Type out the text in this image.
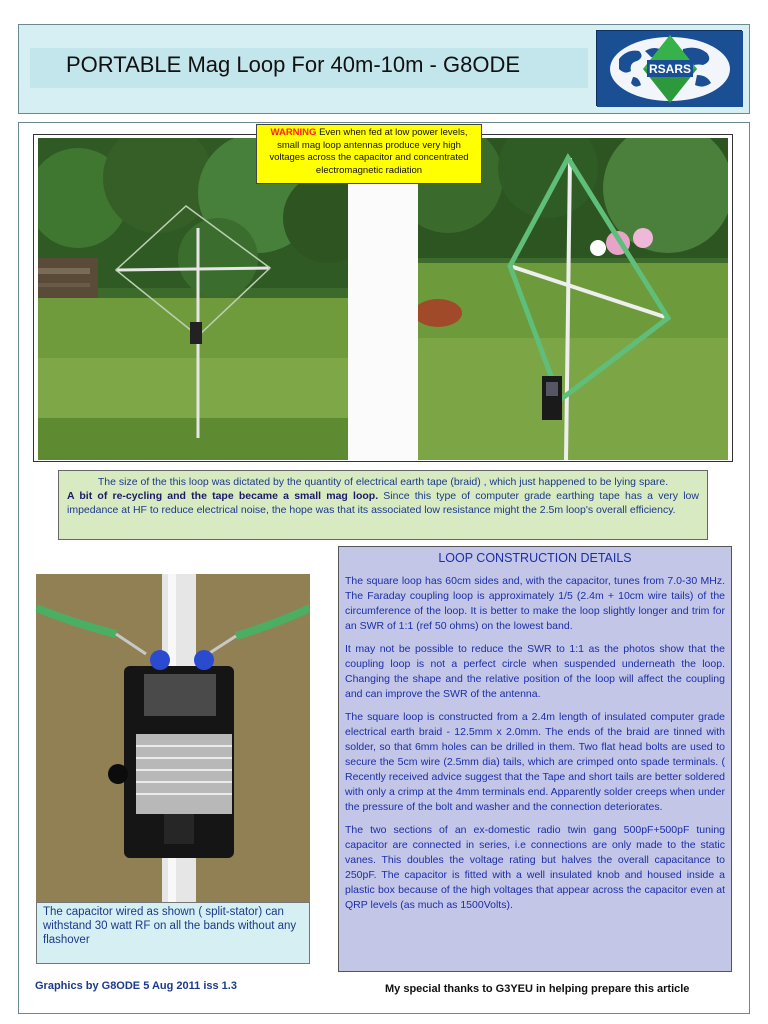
PORTABLE Mag Loop For 40m-10m - G8ODE	RSARS
WARNING Even when fed at low power levels, small mag loop antennas produce very high voltages across the capacitor and concentrated electromagnetic radiation
The size of the this loop was dictated by the quantity of electrical earth tape (braid) , which just happened to be lying spare.
A bit of re-cycling and the tape became a small mag loop. Since this type of computer grade earthing tape has a very low impedance at HF to reduce electrical noise, the hope was that its associated low resistance might the 2.5m loop's overall efficiency.
The capacitor wired as shown ( split-stator) can withstand 30 watt RF on all the bands without any flashover
LOOP CONSTRUCTION DETAILS

The square loop has 60cm sides and, with the capacitor, tunes from 7.0-30 MHz. The Faraday coupling loop is approximately 1/5 (2.4m + 10cm wire tails) of the circumference of the loop. It is better to make the loop slightly longer and trim for an SWR of 1:1 (ref 50 ohms) on the lowest band.

It may not be possible to reduce the SWR to 1:1 as the photos show that the coupling loop is not a perfect circle when suspended underneath the loop. Changing the shape and the relative position of the loop will affect the coupling and can improve the SWR of the antenna.

The square loop is constructed from a 2.4m length of insulated computer grade electrical earth braid - 12.5mm x 2.0mm. The ends of the braid are tinned with solder, so that 6mm holes can be drilled in them. Two flat head bolts are used to secure the 5cm wire (2.5mm dia) tails, which are crimped onto spade terminals. ( Recently received advice suggest that the Tape and short tails are better soldered with only a crimp at the 4mm terminals end. Apparently solder creeps when under the pressure of the bolt and washer and the connection deteriorates.

The two sections of an ex-domestic radio twin gang 500pF+500pF tuning capacitor are connected in series, i.e connections are only made to the static vanes. This doubles the voltage rating but halves the overall capacitance to 250pF. The capacitor is fitted with a well insulated knob and housed inside a plastic box because of the high voltages that appear across the capacitor even at QRP levels (as much as 1500Volts).

Graphics by G8ODE 5 Aug 2011 iss 1.3	My special thanks to G3YEU in helping prepare this article
